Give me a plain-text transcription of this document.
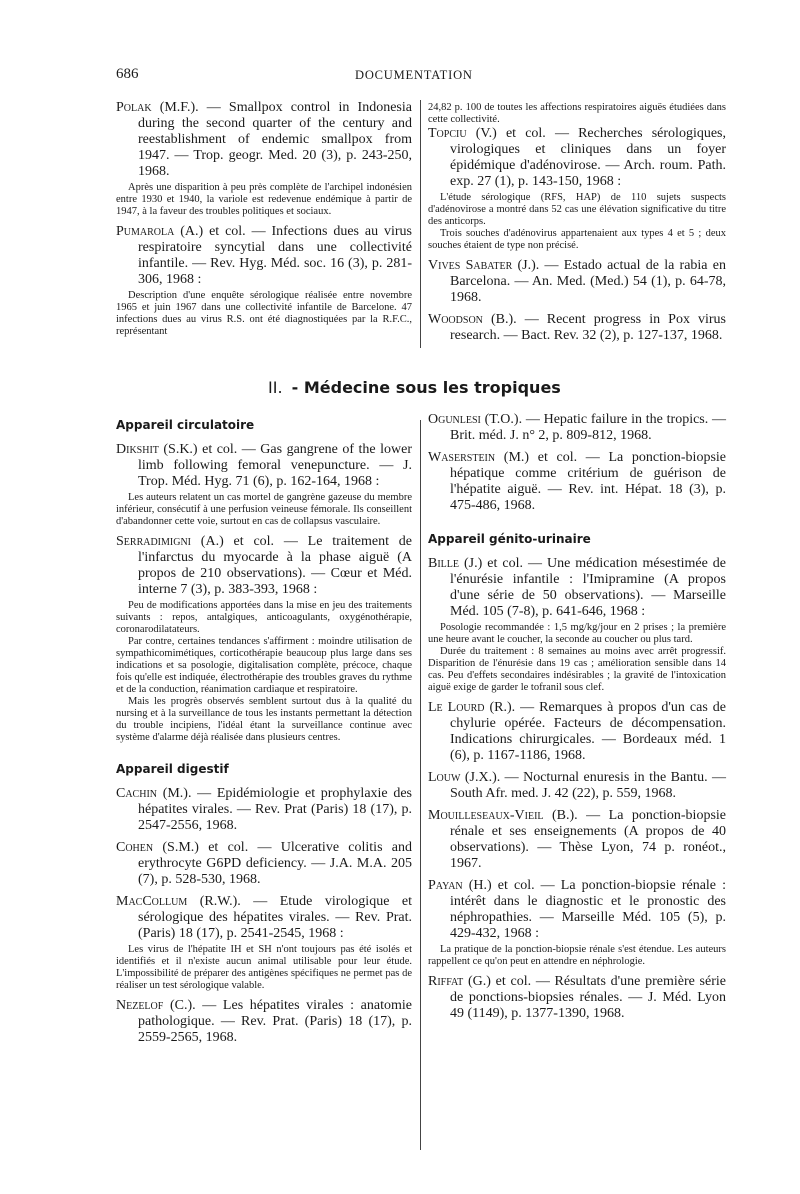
686	DOCUMENTATION

Polak (M.F.). — Smallpox control in Indonesia during the second quarter of the century and reestablishment of endemic smallpox from 1947. — Trop. geogr. Med. 20 (3), p. 243-250, 1968.

Après une disparition à peu près complète de l'archipel indonésien entre 1930 et 1940, la variole est redevenue endémique à partir de 1947, à la faveur des troubles politiques et sociaux.

Pumarola (A.) et col. — Infections dues au virus respiratoire syncytial dans une collectivité infantile. — Rev. Hyg. Méd. soc. 16 (3), p. 281-306, 1968 :

Description d'une enquête sérologique réalisée entre novembre 1965 et juin 1967 dans une collectivité infantile de Barcelone. 47 infections dues au virus R.S. ont été diagnostiquées par la R.F.C., représentant

24,82 p. 100 de toutes les affections respiratoires aiguës étudiées dans cette collectivité.

Topciu (V.) et col. — Recherches sérologiques, virologiques et cliniques dans un foyer épidémique d'adénovirose. — Arch. roum. Path. exp. 27 (1), p. 143-150, 1968 :

L'étude sérologique (RFS, HAP) de 110 sujets suspects d'adénovirose a montré dans 52 cas une élévation significative du titre des anticorps.

Trois souches d'adénovirus appartenaient aux types 4 et 5 ; deux souches étaient de type non précisé.

Vives Sabater (J.). — Estado actual de la rabia en Barcelona. — An. Med. (Med.) 54 (1), p. 64-78, 1968.

Woodson (B.). — Recent progress in Pox virus research. — Bact. Rev. 32 (2), p. 127-137, 1968.

II. - Médecine sous les tropiques
Appareil circulatoire

Dikshit (S.K.) et col. — Gas gangrene of the lower limb following femoral venepuncture. — J. Trop. Méd. Hyg. 71 (6), p. 162-164, 1968 :

Les auteurs relatent un cas mortel de gangrène gazeuse du membre inférieur, consécutif à une perfusion veineuse fémorale. Ils conseillent d'abandonner cette voie, surtout en cas de collapsus vasculaire.

Serradimigni (A.) et col. — Le traitement de l'infarctus du myocarde à la phase aiguë (A propos de 210 observations). — Cœur et Méd. interne 7 (3), p. 383-393, 1968 :

Peu de modifications apportées dans la mise en jeu des traitements suivants : repos, antalgiques, anticoagulants, oxygénothérapie, coronarodilatateurs.

Par contre, certaines tendances s'affirment : moindre utilisation de sympathicomimétiques, corticothérapie beaucoup plus large dans ses indications et sa posologie, digitalisation complète, précoce, chaque fois qu'elle est indiquée, électrothérapie des troubles graves du rythme et de la conduction, réanimation cardiaque et respiratoire.

Mais les progrès observés semblent surtout dus à la qualité du nursing et à la surveillance de tous les instants permettant la détection du trouble incipiens, l'idéal étant la surveillance continue avec système d'alarme déjà réalisée dans plusieurs centres.

Appareil digestif

Cachin (M.). — Epidémiologie et prophylaxie des hépatites virales. — Rev. Prat (Paris) 18 (17), p. 2547-2556, 1968.

Cohen (S.M.) et col. — Ulcerative colitis and erythrocyte G6PD deficiency. — J.A. M.A. 205 (7), p. 528-530, 1968.

MacCollum (R.W.). — Etude virologique et sérologique des hépatites virales. — Rev. Prat. (Paris) 18 (17), p. 2541-2545, 1968 :

Les virus de l'hépatite IH et SH n'ont toujours pas été isolés et identifiés et il n'existe aucun animal utilisable pour leur étude. L'impossibilité de préparer des antigènes spécifiques ne permet pas de réaliser un test sérologique valable.

Nezelof (C.). — Les hépatites virales : anatomie pathologique. — Rev. Prat. (Paris) 18 (17), p. 2559-2565, 1968.

Ogunlesi (T.O.). — Hepatic failure in the tropics. — Brit. méd. J. n° 2, p. 809-812, 1968.

Waserstein (M.) et col. — La ponction-biopsie hépatique comme critérium de guérison de l'hépatite aiguë. — Rev. int. Hépat. 18 (3), p. 475-486, 1968.

Appareil génito-urinaire

Bille (J.) et col. — Une médication mésestimée de l'énurésie infantile : l'Imipramine (A propos d'une série de 50 observations). — Marseille Méd. 105 (7-8), p. 641-646, 1968 :

Posologie recommandée : 1,5 mg/kg/jour en 2 prises ; la première une heure avant le coucher, la seconde au coucher ou plus tard.

Durée du traitement : 8 semaines au moins avec arrêt progressif. Disparition de l'énurésie dans 19 cas ; amélioration sensible dans 14 cas. Peu d'effets secondaires indésirables ; la gravité de l'intoxication aiguë exige de garder le tofranil sous clef.

Le Lourd (R.). — Remarques à propos d'un cas de chylurie opérée. Facteurs de décompensation. Indications chirurgicales. — Bordeaux méd. 1 (6), p. 1167-1186, 1968.

Louw (J.X.). — Nocturnal enuresis in the Bantu. — South Afr. med. J. 42 (22), p. 559, 1968.

Mouilleseaux-Vieil (B.). — La ponction-biopsie rénale et ses enseignements (A propos de 40 observations). — Thèse Lyon, 74 p. ronéot., 1967.

Payan (H.) et col. — La ponction-biopsie rénale : intérêt dans le diagnostic et le pronostic des néphropathies. — Marseille Méd. 105 (5), p. 429-432, 1968 :

La pratique de la ponction-biopsie rénale s'est étendue. Les auteurs rappellent ce qu'on peut en attendre en néphrologie.

Riffat (G.) et col. — Résultats d'une première série de ponctions-biopsies rénales. — J. Méd. Lyon 49 (1149), p. 1377-1390, 1968.
